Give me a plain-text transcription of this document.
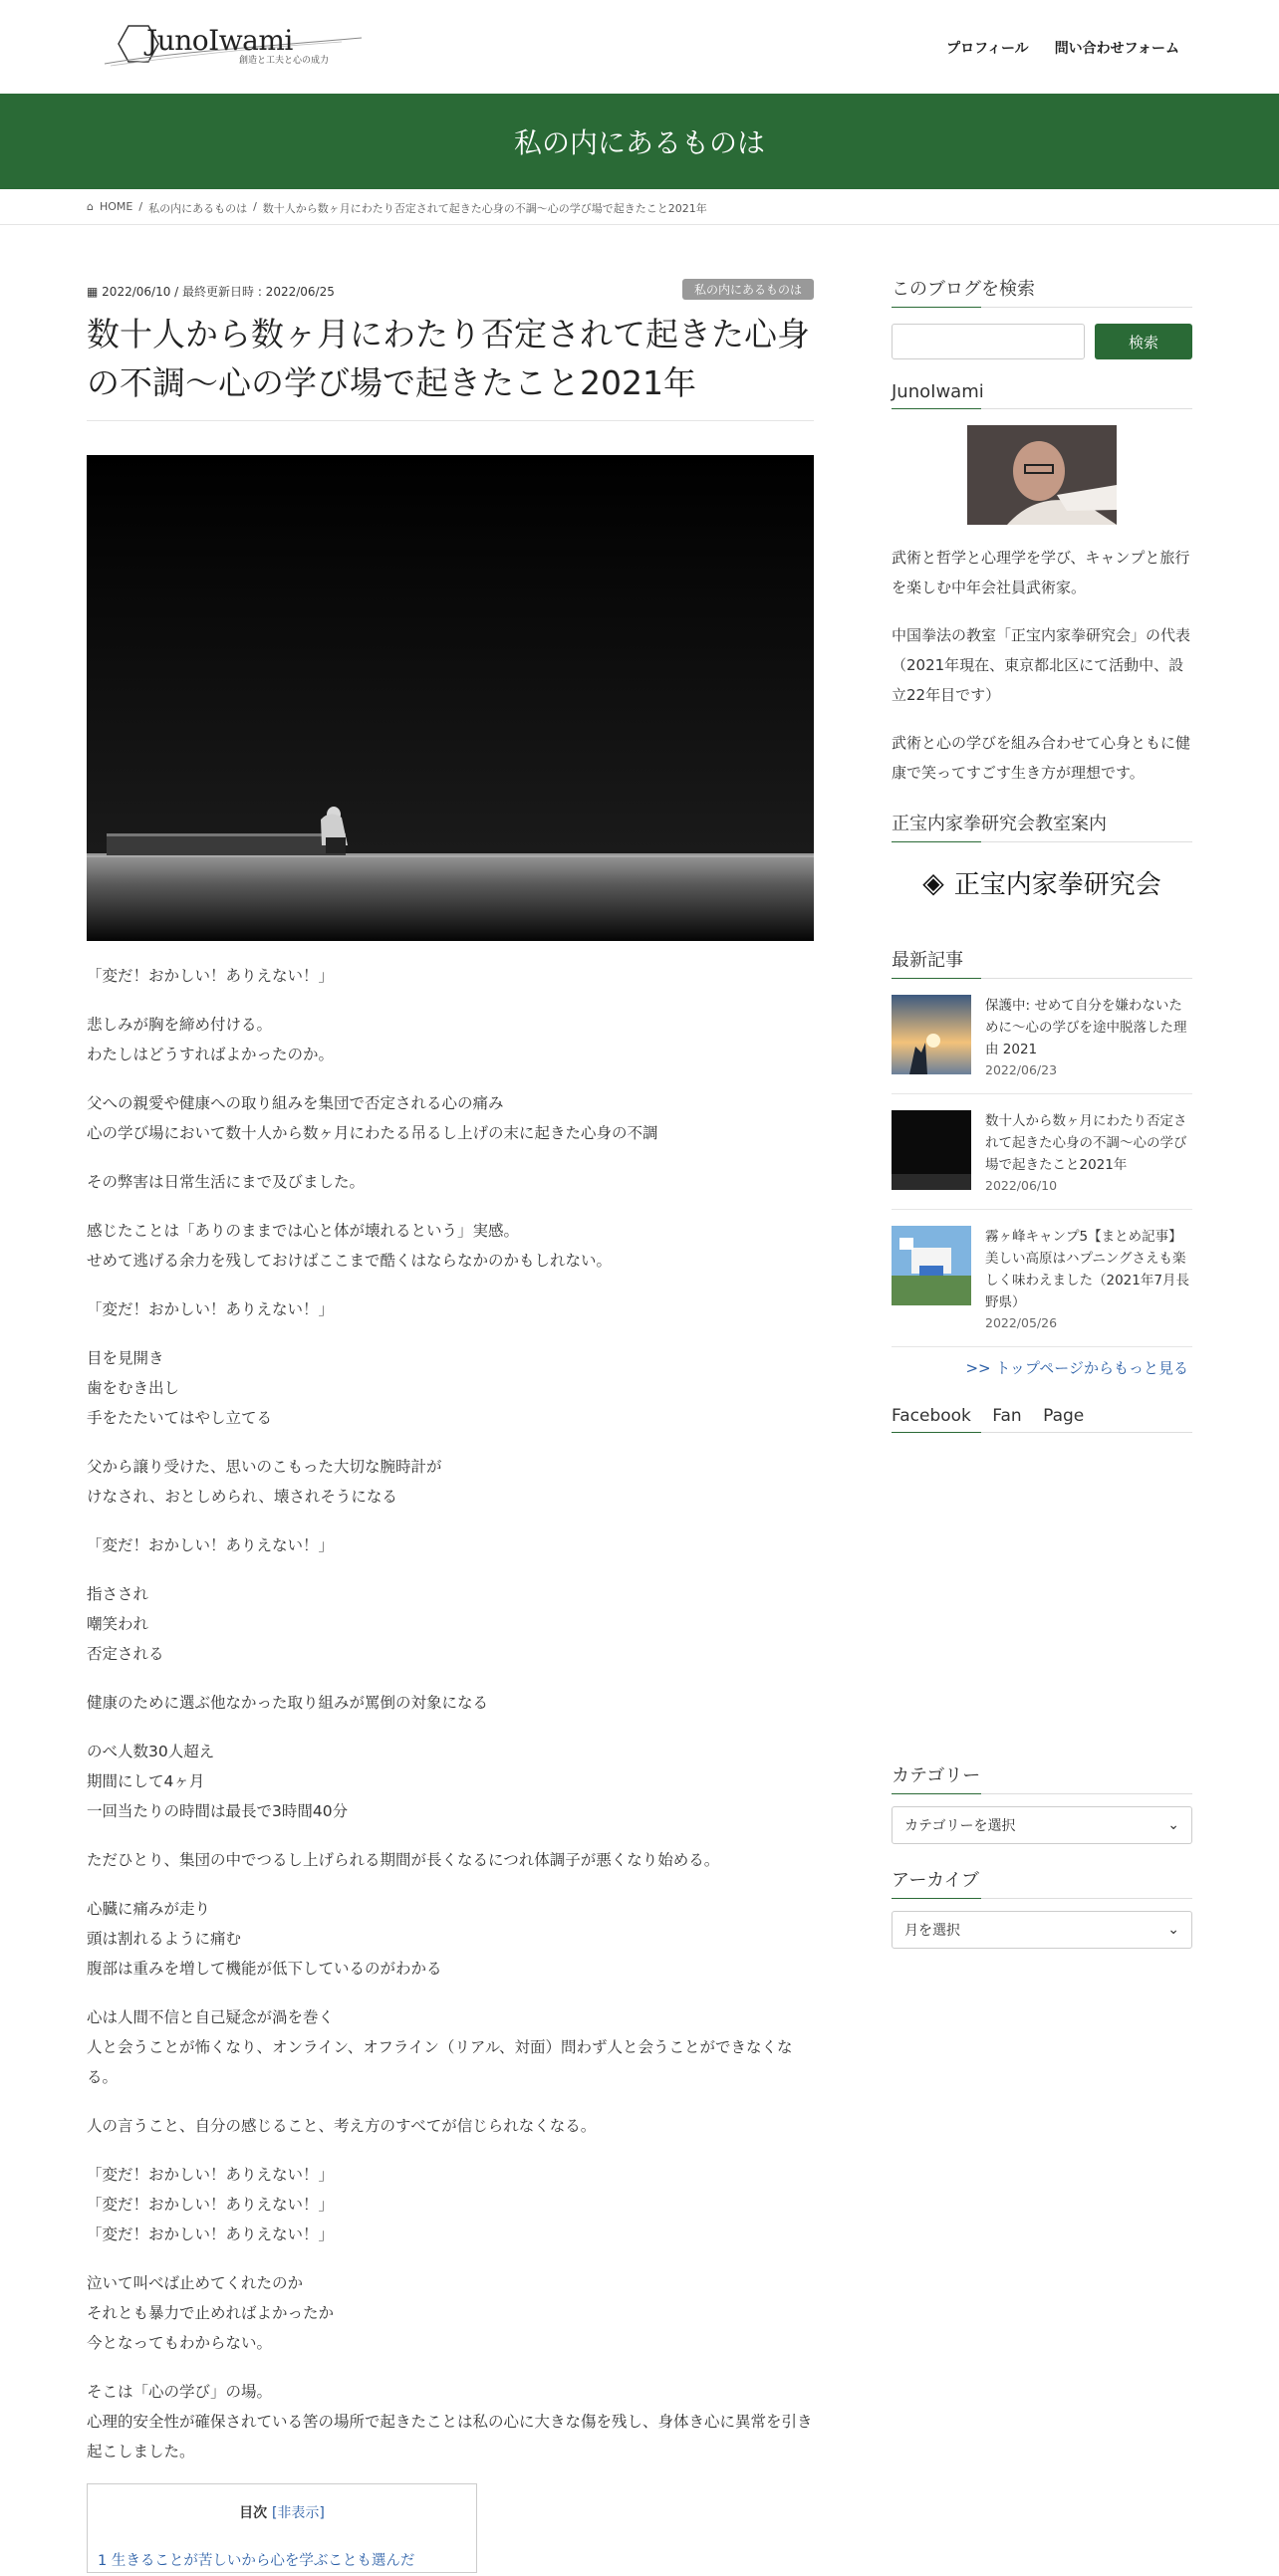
JunoIwami
創造と工夫と心の成力
プロフィール 問い合わせフォーム
私の内にあるものは
⌂ HOME / 私の内にあるものは / 数十人から数ヶ月にわたり否定されて起きた心身の不調～心の学び場で起きたこと2021年
▦ 2022/06/10 / 最終更新日時 : 2022/06/25	私の内にあるものは
数十人から数ヶ月にわたり否定されて起きた心身の不調～心の学び場で起きたこと2021年

「変だ！おかしい！ありえない！」

悲しみが胸を締め付ける。
わたしはどうすればよかったのか。

父への親愛や健康への取り組みを集団で否定される心の痛み
心の学び場において数十人から数ヶ月にわたる吊るし上げの末に起きた心身の不調

その弊害は日常生活にまで及びました。

感じたことは「ありのままでは心と体が壊れるという」実感。
せめて逃げる余力を残しておけばここまで酷くはならなかのかもしれない。

「変だ！おかしい！ありえない！」

目を見開き
歯をむき出し
手をたたいてはやし立てる

父から譲り受けた、思いのこもった大切な腕時計が
けなされ、おとしめられ、壊されそうになる

「変だ！おかしい！ありえない！」

指さされ
嘲笑われ
否定される

健康のために選ぶ他なかった取り組みが罵倒の対象になる

のべ人数30人超え
期間にして4ヶ月
一回当たりの時間は最長で3時間40分

ただひとり、集団の中でつるし上げられる期間が長くなるにつれ体調子が悪くなり始める。

心臓に痛みが走り
頭は割れるように痛む
腹部は重みを増して機能が低下しているのがわかる

心は人間不信と自己疑念が渦を巻く
人と会うことが怖くなり、オンライン、オフライン（リアル、対面）問わず人と会うことができなくなる。

人の言うこと、自分の感じること、考え方のすべてが信じられなくなる。

「変だ！おかしい！ありえない！」
「変だ！おかしい！ありえない！」
「変だ！おかしい！ありえない！」

泣いて叫べば止めてくれたのか
それとも暴力で止めればよかったか
今となってもわからない。

そこは「心の学び」の場。
心理的安全性が確保されている筈の場所で起きたことは私の心に大きな傷を残し、身体き心に異常を引き起こしました。

目次 [非表示]
1 生きることが苦しいから心を学ぶことも選んだ
このブログを検索
検索
JunoIwami

武術と哲学と心理学を学び、キャンプと旅行を楽しむ中年会社員武術家。

中国拳法の教室「正宝内家拳研究会」の代表（2021年現在、東京都北区にて活動中、設立22年目です）

武術と心の学びを組み合わせて心身ともに健康で笑ってすごす生き方が理想です。

正宝内家拳研究会教室案内
◈ 正宝内家拳研究会
最新記事
保護中: せめて自分を嫌わないために～心の学びを途中脱落した理由 2021
2022/06/23
数十人から数ヶ月にわたり否定されて起きた心身の不調～心の学び場で起きたこと2021年
2022/06/10
霧ヶ峰キャンプ5【まとめ記事】美しい高原はハプニングさえも楽しく味わえました（2021年7月長野県）
2022/05/26
>> トップページからもっと見る
Facebook Fan Page
カテゴリー
カテゴリーを選択	⌄
アーカイブ
月を選択	⌄
